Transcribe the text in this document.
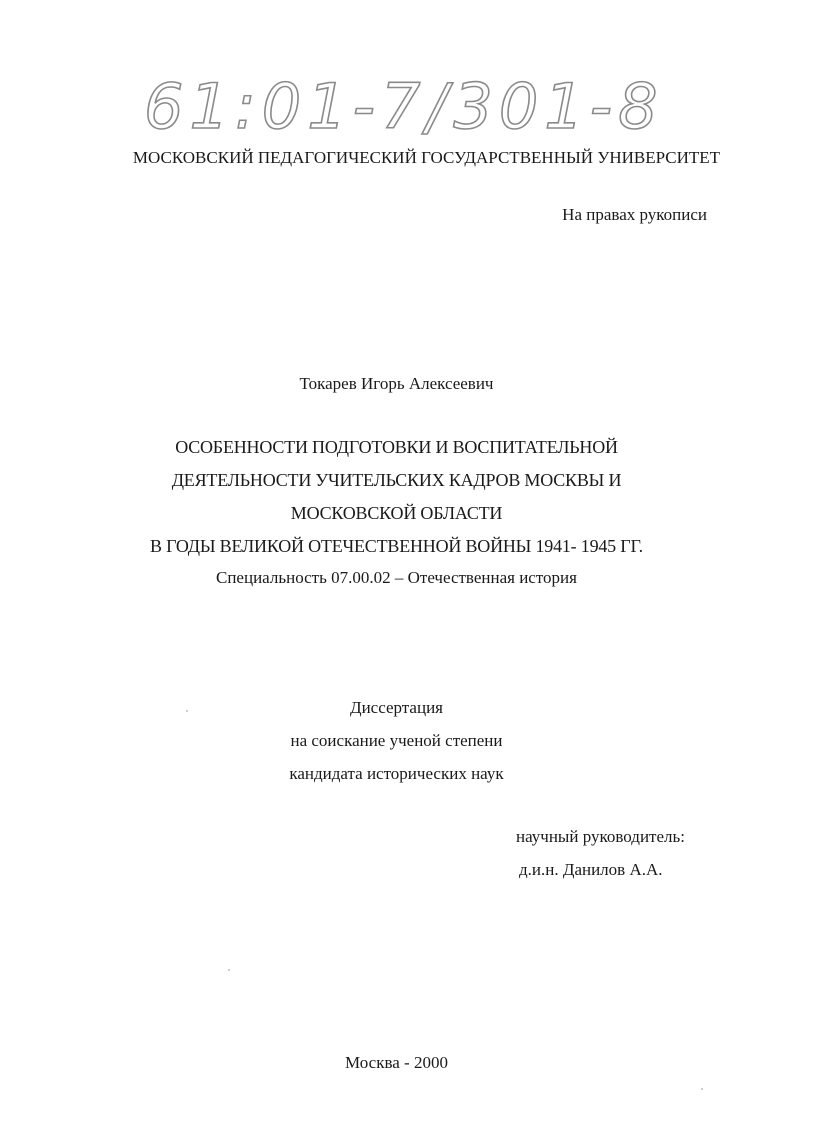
61:01-7/301-8
МОСКОВСКИЙ ПЕДАГОГИЧЕСКИЙ ГОСУДАРСТВЕННЫЙ УНИВЕРСИТЕТ
На правах рукописи
Токарев Игорь Алексеевич
ОСОБЕННОСТИ ПОДГОТОВКИ И ВОСПИТАТЕЛЬНОЙ
ДЕЯТЕЛЬНОСТИ УЧИТЕЛЬСКИХ КАДРОВ МОСКВЫ И
МОСКОВСКОЙ ОБЛАСТИ
В ГОДЫ ВЕЛИКОЙ ОТЕЧЕСТВЕННОЙ ВОЙНЫ 1941- 1945 ГГ.
Специальность 07.00.02 – Отечественная история
Диссертация
на соискание ученой степени
кандидата исторических наук
научный руководитель:
д.и.н. Данилов А.А.
Москва - 2000
